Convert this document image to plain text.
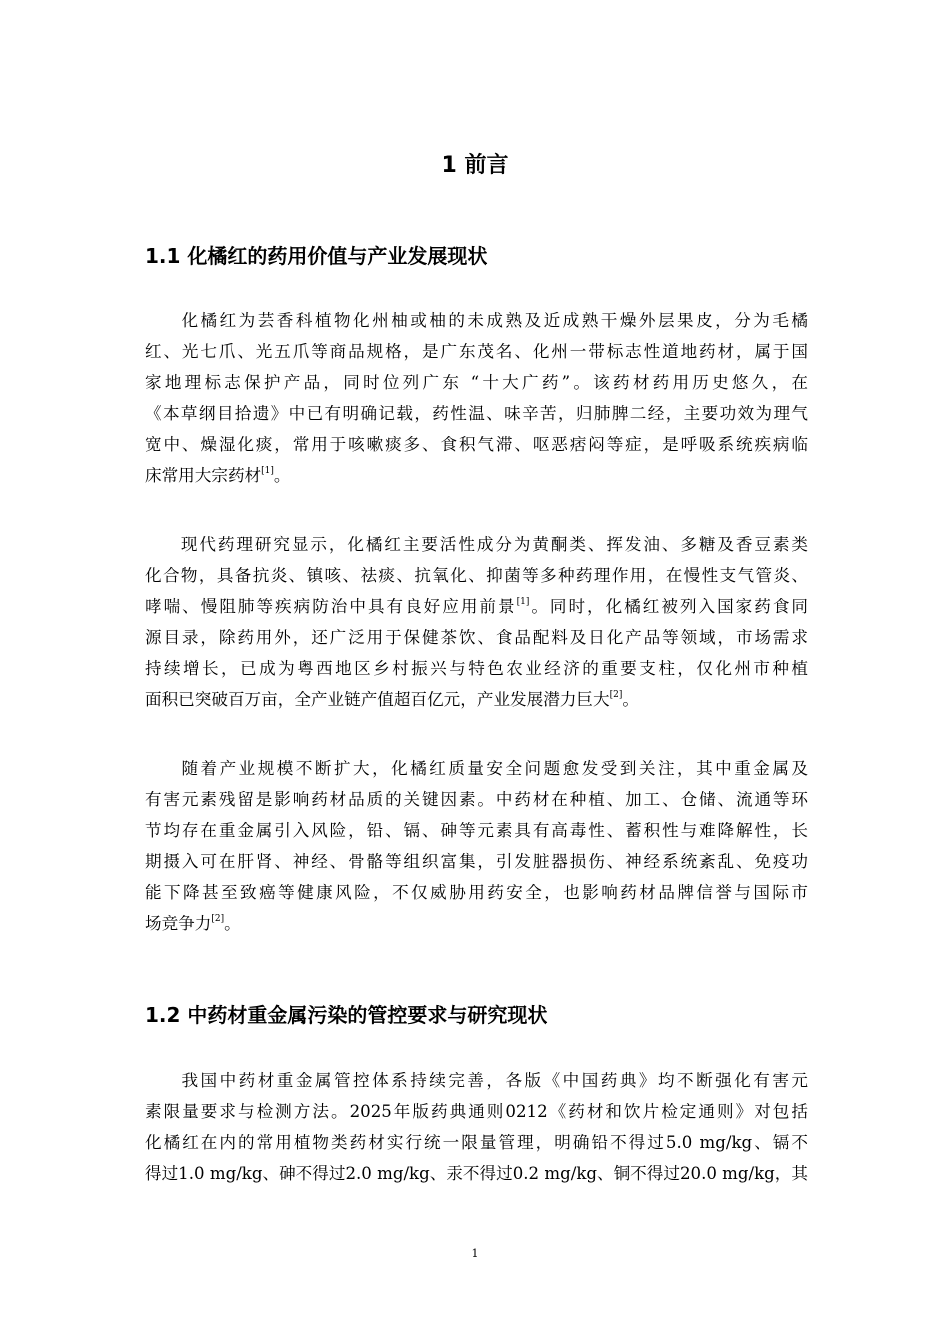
1 前言
1.1 化橘红的药用价值与产业发展现状
化橘红为芸香科植物化州柚或柚的未成熟及近成熟干燥外层果皮，分为毛橘
红、光七爪、光五爪等商品规格，是广东茂名、化州一带标志性道地药材，属于国
家地理标志保护产品，同时位列广东 “十大广药”。该药材药用历史悠久，在
《本草纲目拾遗》中已有明确记载，药性温、味辛苦，归肺脾二经，主要功效为理气
宽中、燥湿化痰，常用于咳嗽痰多、食积气滞、呕恶痞闷等症，是呼吸系统疾病临
床常用大宗药材[1]。
现代药理研究显示，化橘红主要活性成分为黄酮类、挥发油、多糖及香豆素类
化合物，具备抗炎、镇咳、祛痰、抗氧化、抑菌等多种药理作用，在慢性支气管炎、
哮喘、慢阻肺等疾病防治中具有良好应用前景[1]。同时，化橘红被列入国家药食同
源目录，除药用外，还广泛用于保健茶饮、食品配料及日化产品等领域，市场需求
持续增长，已成为粤西地区乡村振兴与特色农业经济的重要支柱，仅化州市种植
面积已突破百万亩，全产业链产值超百亿元，产业发展潜力巨大[2]。
随着产业规模不断扩大，化橘红质量安全问题愈发受到关注，其中重金属及
有害元素残留是影响药材品质的关键因素。中药材在种植、加工、仓储、流通等环
节均存在重金属引入风险，铅、镉、砷等元素具有高毒性、蓄积性与难降解性，长
期摄入可在肝肾、神经、骨骼等组织富集，引发脏器损伤、神经系统紊乱、免疫功
能下降甚至致癌等健康风险，不仅威胁用药安全，也影响药材品牌信誉与国际市
场竞争力[2]。
1.2 中药材重金属污染的管控要求与研究现状
我国中药材重金属管控体系持续完善，各版《中国药典》均不断强化有害元
素限量要求与检测方法。2025年版药典通则0212《药材和饮片检定通则》对包括
化橘红在内的常用植物类药材实行统一限量管理，明确铅不得过5.0 mg/kg、镉不
得过1.0 mg/kg、砷不得过2.0 mg/kg、汞不得过0.2 mg/kg、铜不得过20.0 mg/kg，其
1
